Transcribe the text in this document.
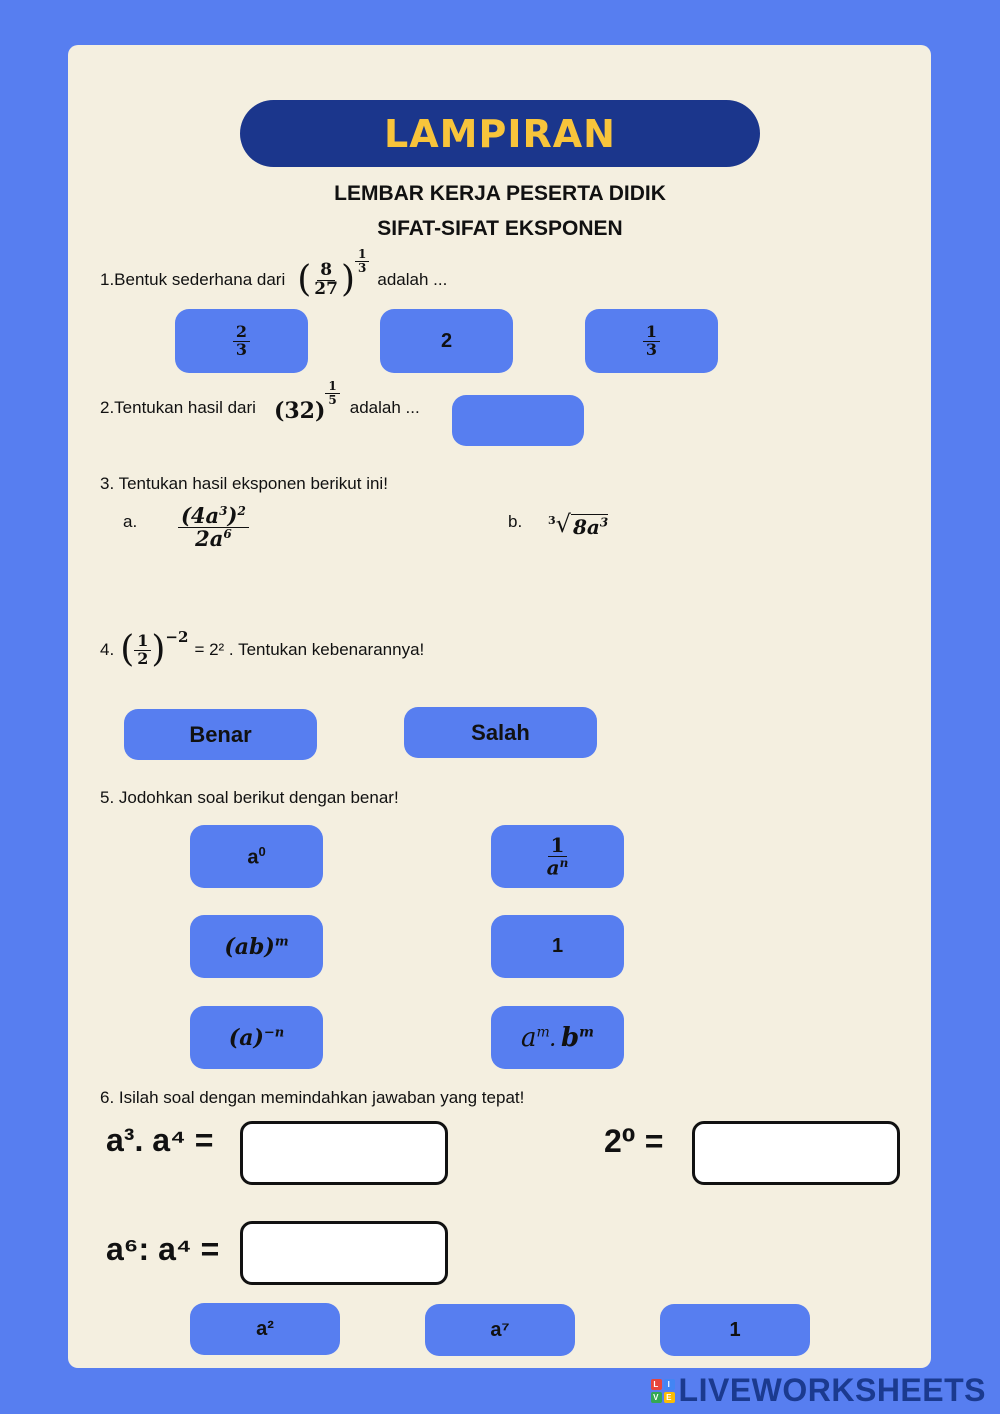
LAMPIRAN
LEMBAR KERJA PESERTA DIDIK
SIFAT-SIFAT EKSPONEN
1.Bentuk sederhana dari ( $\frac{8}{27}$ ) $\frac{1}{3}$
adalah ...
$\frac{2}{3}$	2	$\frac{1}{3}$
2.Tentukan hasil dari (32)
$\frac{1}{5}$
adalah ...
3. Tentukan hasil eksponen berikut ini!
a. $\frac{(4a^3)^2}{2a^6}$	b. 3 √ $8a^3$
4. ( $\frac{1}{2}$ ) −2
= 2² . Tentukan kebenarannya!
Benar	Salah
5. Jodohkan soal berikut dengan benar!
$a^0$
(ab)$^m$
$(a)^{-n}$
$\frac{1}{a^n}$
1
$a^m$. $b^m$
6. Isilah soal dengan memindahkan jawaban yang tepat!
a³. a⁴ =	2⁰ =
a⁶: a⁴ =
a²	a⁷	1
L	I
V E LIVEWORKSHEETS
